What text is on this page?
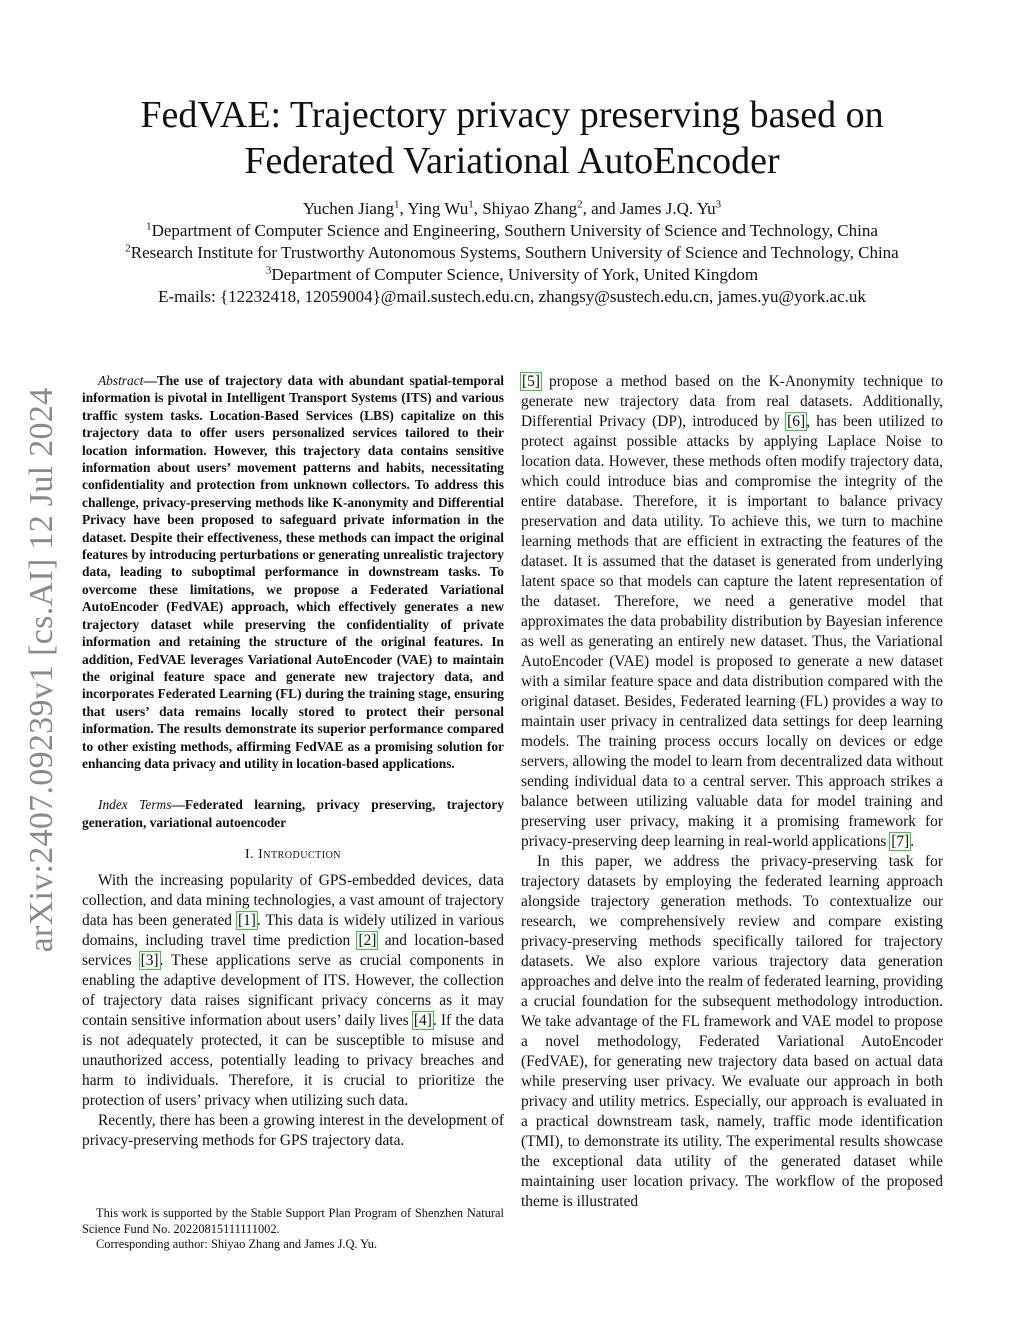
arXiv:2407.09239v1 [cs.AI] 12 Jul 2024
FedVAE: Trajectory privacy preserving based on
Federated Variational AutoEncoder
Yuchen Jiang$^1$, Ying Wu$^1$, Shiyao Zhang$^2$, and James J.Q. Yu$^3$
$^1$Department of Computer Science and Engineering, Southern University of Science and Technology, China
$^2$Research Institute for Trustworthy Autonomous Systems, Southern University of Science and Technology, China
$^3$Department of Computer Science, University of York, United Kingdom
E-mails: {12232418, 12059004}@mail.sustech.edu.cn, zhangsy@sustech.edu.cn, james.yu@york.ac.uk

Abstract—The use of trajectory data with abundant spatial-temporal information is pivotal in Intelligent Transport Systems (ITS) and various traffic system tasks. Location-Based Services (LBS) capitalize on this trajectory data to offer users personalized services tailored to their location information. However, this trajectory data contains sensitive information about users’ movement patterns and habits, necessitating confidentiality and protection from unknown collectors. To address this challenge, privacy-preserving methods like K-anonymity and Differential Privacy have been proposed to safeguard private information in the dataset. Despite their effectiveness, these methods can impact the original features by introducing perturbations or generating unrealistic trajectory data, leading to suboptimal performance in downstream tasks. To overcome these limitations, we propose a Federated Variational AutoEncoder (FedVAE) approach, which effectively generates a new trajectory dataset while preserving the confidentiality of private information and retaining the structure of the original features. In addition, FedVAE leverages Variational AutoEncoder (VAE) to maintain the original feature space and generate new trajectory data, and incorporates Federated Learning (FL) during the training stage, ensuring that users’ data remains locally stored to protect their personal information. The results demonstrate its superior performance compared to other existing methods, affirming FedVAE as a promising solution for enhancing data privacy and utility in location-based applications.

Index Terms—Federated learning, privacy preserving, trajectory generation, variational autoencoder

I. Introduction

With the increasing popularity of GPS-embedded devices, data collection, and data mining technologies, a vast amount of trajectory data has been generated [1]. This data is widely utilized in various domains, including travel time prediction [2] and location-based services [3]. These applications serve as crucial components in enabling the adaptive development of ITS. However, the collection of trajectory data raises significant privacy concerns as it may contain sensitive information about users’ daily lives [4]. If the data is not adequately protected, it can be susceptible to misuse and unauthorized access, potentially leading to privacy breaches and harm to individuals. Therefore, it is crucial to prioritize the protection of users’ privacy when utilizing such data.

Recently, there has been a growing interest in the development of privacy-preserving methods for GPS trajectory data.

This work is supported by the Stable Support Plan Program of Shenzhen Natural Science Fund No. 20220815111111002.

Corresponding author: Shiyao Zhang and James J.Q. Yu.

[5] propose a method based on the K-Anonymity technique to generate new trajectory data from real datasets. Additionally, Differential Privacy (DP), introduced by [6], has been utilized to protect against possible attacks by applying Laplace Noise to location data. However, these methods often modify trajectory data, which could introduce bias and compromise the integrity of the entire database. Therefore, it is important to balance privacy preservation and data utility. To achieve this, we turn to machine learning methods that are efficient in extracting the features of the dataset. It is assumed that the dataset is generated from underlying latent space so that models can capture the latent representation of the dataset. Therefore, we need a generative model that approximates the data probability distribution by Bayesian inference as well as generating an entirely new dataset. Thus, the Variational AutoEncoder (VAE) model is proposed to generate a new dataset with a similar feature space and data distribution compared with the original dataset. Besides, Federated learning (FL) provides a way to maintain user privacy in centralized data settings for deep learning models. The training process occurs locally on devices or edge servers, allowing the model to learn from decentralized data without sending individual data to a central server. This approach strikes a balance between utilizing valuable data for model training and preserving user privacy, making it a promising framework for privacy-preserving deep learning in real-world applications [7].

In this paper, we address the privacy-preserving task for trajectory datasets by employing the federated learning approach alongside trajectory generation methods. To contextualize our research, we comprehensively review and compare existing privacy-preserving methods specifically tailored for trajectory datasets. We also explore various trajectory data generation approaches and delve into the realm of federated learning, providing a crucial foundation for the subsequent methodology introduction. We take advantage of the FL framework and VAE model to propose a novel methodology, Federated Variational AutoEncoder (FedVAE), for generating new trajectory data based on actual data while preserving user privacy. We evaluate our approach in both privacy and utility metrics. Especially, our approach is evaluated in a practical downstream task, namely, traffic mode identification (TMI), to demonstrate its utility. The experimental results showcase the exceptional data utility of the generated dataset while maintaining user location privacy. The workflow of the proposed theme is illustrated
